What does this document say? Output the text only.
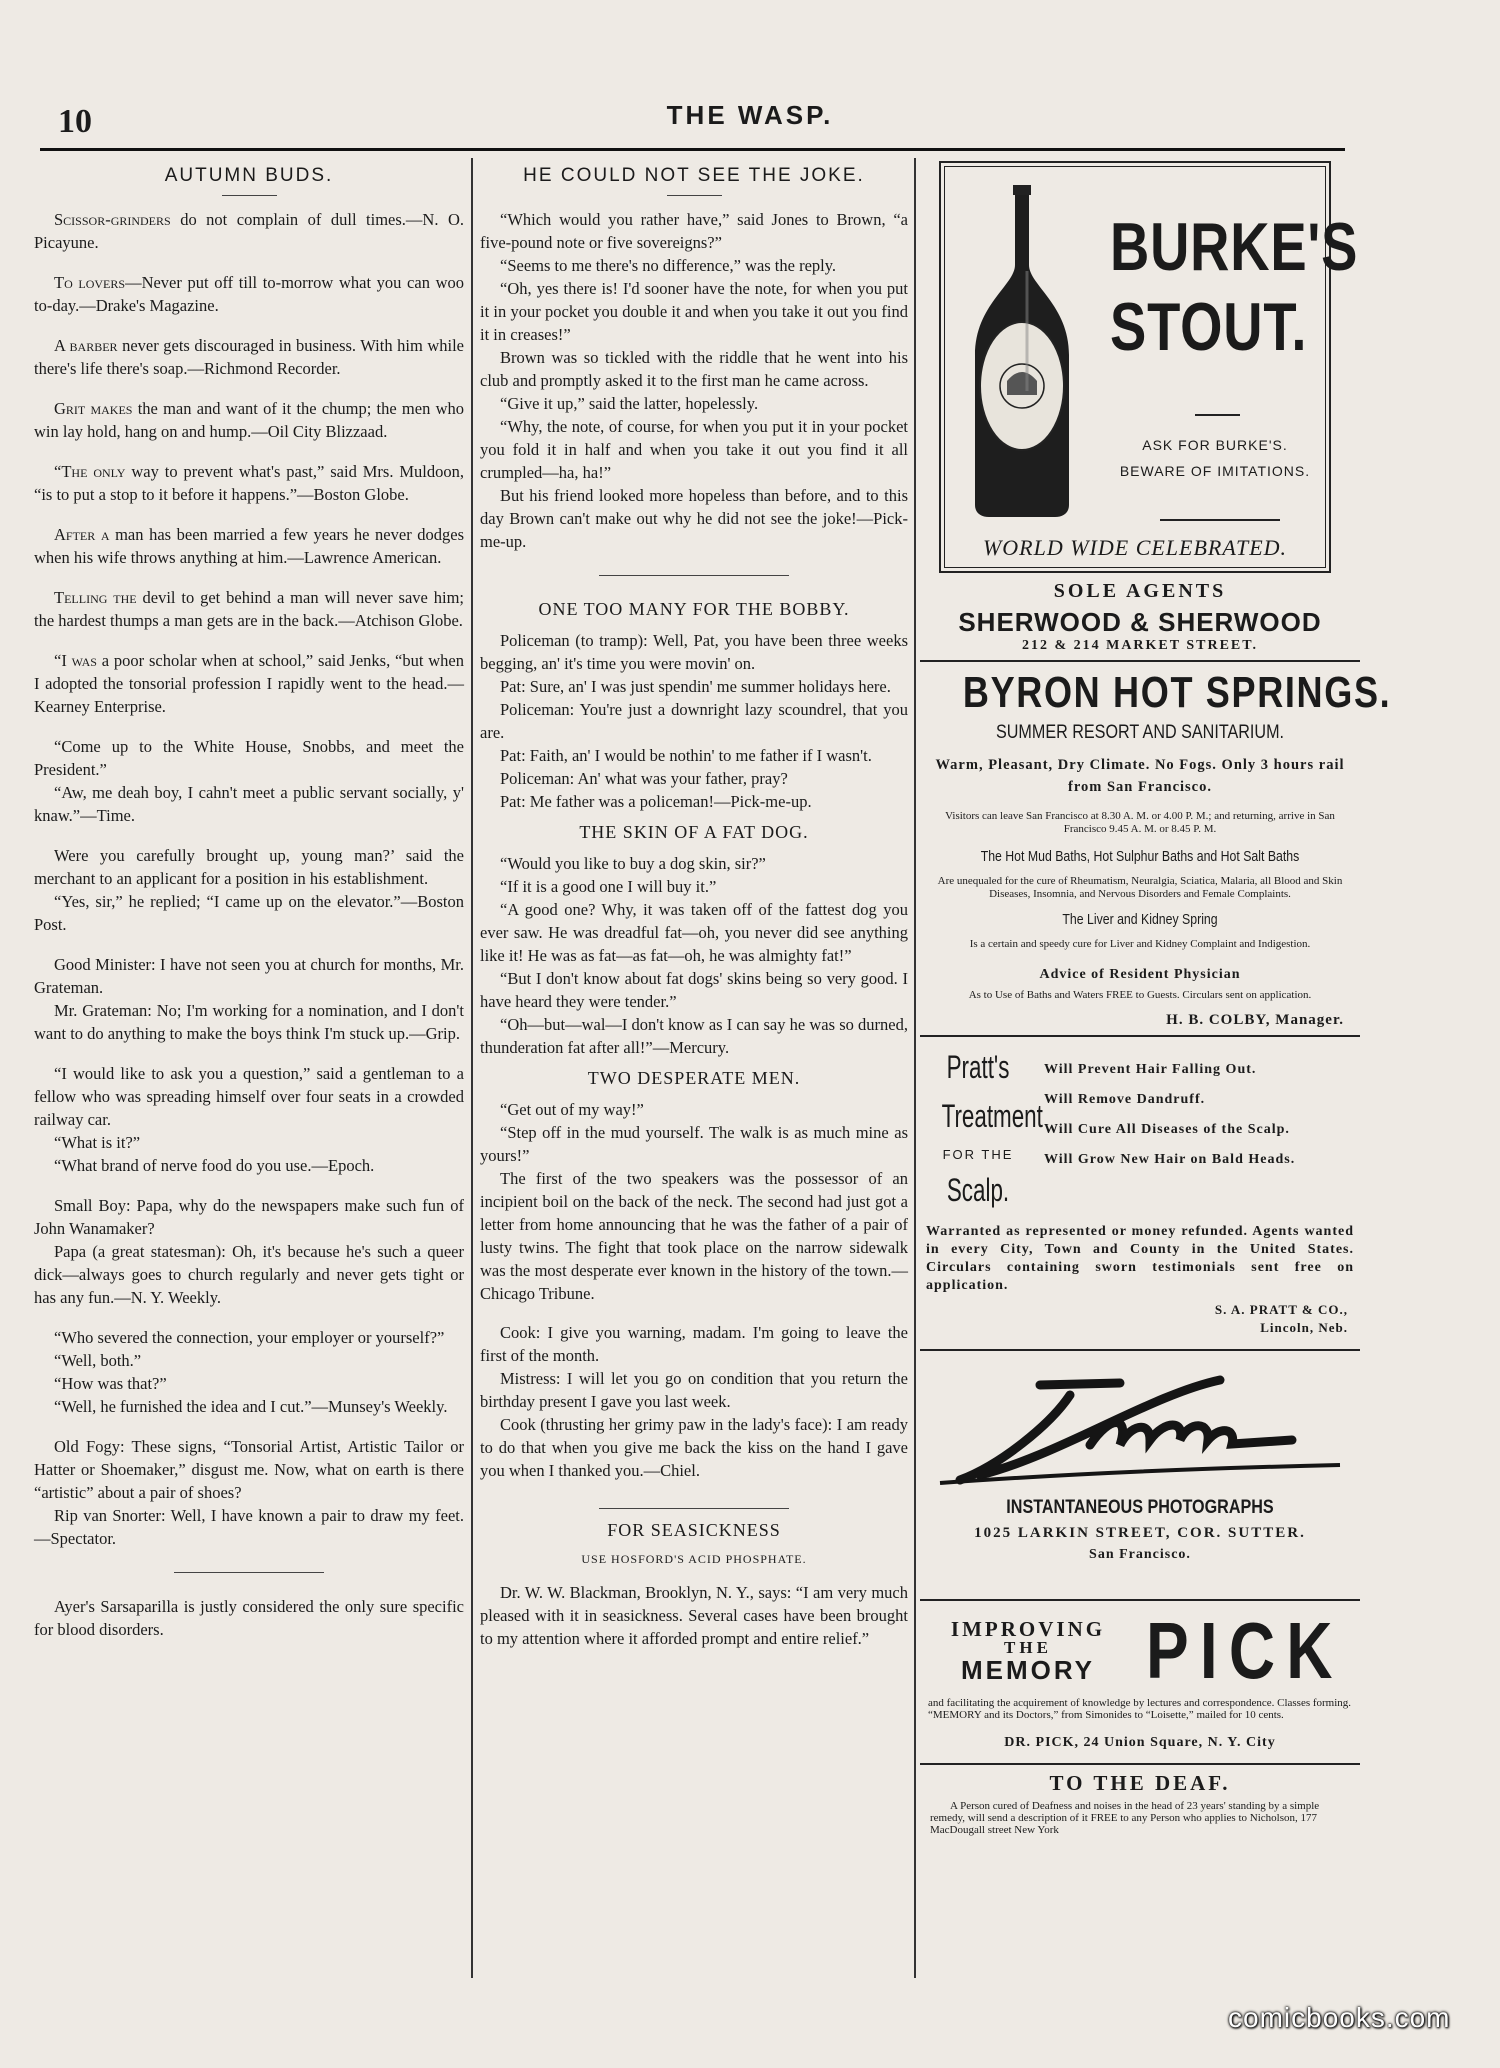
10	THE WASP.
AUTUMN BUDS.

Scissor-grinders do not complain of dull times.—N. O. Picayune.

To lovers—Never put off till to-morrow what you can woo to-day.—Drake's Magazine.

A barber never gets discouraged in business. With him while there's life there's soap.—Richmond Recorder.

Grit makes the man and want of it the chump; the men who win lay hold, hang on and hump.—Oil City Blizzaad.

“The only way to prevent what's past,” said Mrs. Muldoon, “is to put a stop to it before it happens.”—Boston Globe.

After a man has been married a few years he never dodges when his wife throws anything at him.—Lawrence American.

Telling the devil to get behind a man will never save him; the hardest thumps a man gets are in the back.—Atchison Globe.

“I was a poor scholar when at school,” said Jenks, “but when I adopted the tonsorial profession I rapidly went to the head.—Kearney Enterprise.

“Come up to the White House, Snobbs, and meet the President.”

“Aw, me deah boy, I cahn't meet a public servant socially, y' knaw.”—Time.

Were you carefully brought up, young man?’ said the merchant to an applicant for a position in his establishment.

“Yes, sir,” he replied; “I came up on the elevator.”—Boston Post.

Good Minister: I have not seen you at church for months, Mr. Grateman.

Mr. Grateman: No; I'm working for a nomination, and I don't want to do anything to make the boys think I'm stuck up.—Grip.

“I would like to ask you a question,” said a gentleman to a fellow who was spreading himself over four seats in a crowded railway car.

“What is it?”

“What brand of nerve food do you use.—Epoch.

Small Boy: Papa, why do the newspapers make such fun of John Wanamaker?

Papa (a great statesman): Oh, it's because he's such a queer dick—always goes to church regularly and never gets tight or has any fun.—N. Y. Weekly.

“Who severed the connection, your employer or yourself?”

“Well, both.”

“How was that?”

“Well, he furnished the idea and I cut.”—Munsey's Weekly.

Old Fogy: These signs, “Tonsorial Artist, Artistic Tailor or Hatter or Shoemaker,” disgust me. Now, what on earth is there “artistic” about a pair of shoes?

Rip van Snorter: Well, I have known a pair to draw my feet.—Spectator.

Ayer's Sarsaparilla is justly considered the only sure specific for blood disorders.

HE COULD NOT SEE THE JOKE.

“Which would you rather have,” said Jones to Brown, “a five-pound note or five sovereigns?”

“Seems to me there's no difference,” was the reply.

“Oh, yes there is! I'd sooner have the note, for when you put it in your pocket you double it and when you take it out you find it in creases!”

Brown was so tickled with the riddle that he went into his club and promptly asked it to the first man he came across.

“Give it up,” said the latter, hopelessly.

“Why, the note, of course, for when you put it in your pocket you fold it in half and when you take it out you find it all crumpled—ha, ha!”

But his friend looked more hopeless than before, and to this day Brown can't make out why he did not see the joke!—Pick-me-up.

ONE TOO MANY FOR THE BOBBY.

Policeman (to tramp): Well, Pat, you have been three weeks begging, an' it's time you were movin' on.

Pat: Sure, an' I was just spendin' me summer holidays here.

Policeman: You're just a downright lazy scoundrel, that you are.

Pat: Faith, an' I would be nothin' to me father if I wasn't.

Policeman: An' what was your father, pray?

Pat: Me father was a policeman!—Pick-me-up.

THE SKIN OF A FAT DOG.

“Would you like to buy a dog skin, sir?”

“If it is a good one I will buy it.”

“A good one? Why, it was taken off of the fattest dog you ever saw. He was dreadful fat—oh, you never did see anything like it! He was as fat—as fat—oh, he was almighty fat!”

“But I don't know about fat dogs' skins being so very good. I have heard they were tender.”

“Oh—but—wal—I don't know as I can say he was so durned, thunderation fat after all!”—Mercury.

TWO DESPERATE MEN.

“Get out of my way!”

“Step off in the mud yourself. The walk is as much mine as yours!”

The first of the two speakers was the possessor of an incipient boil on the back of the neck. The second had just got a letter from home announcing that he was the father of a pair of lusty twins. The fight that took place on the narrow sidewalk was the most desperate ever known in the history of the town.—Chicago Tribune.

Cook: I give you warning, madam. I'm going to leave the first of the month.

Mistress: I will let you go on condition that you return the birthday present I gave you last week.

Cook (thrusting her grimy paw in the lady's face): I am ready to do that when you give me back the kiss on the hand I gave you when I thanked you.—Chiel.

FOR SEASICKNESS
USE HOSFORD'S ACID PHOSPHATE.

Dr. W. W. Blackman, Brooklyn, N. Y., says: “I am very much pleased with it in seasickness. Several cases have been brought to my attention where it afforded prompt and entire relief.”

BURKE'S
STOUT.
ASK FOR BURKE'S.
BEWARE OF IMITATIONS.
WORLD WIDE CELEBRATED.
SOLE AGENTS
SHERWOOD & SHERWOOD
212 & 214 MARKET STREET.
BYRON HOT SPRINGS.
SUMMER RESORT AND SANITARIUM.
Warm, Pleasant, Dry Climate. No Fogs. Only 3 hours rail from San Francisco.
Visitors can leave San Francisco at 8.30 A. M. or 4.00 P. M.; and returning, arrive in San Francisco 9.45 A. M. or 8.45 P. M.
The Hot Mud Baths, Hot Sulphur Baths and Hot Salt Baths
Are unequaled for the cure of Rheumatism, Neuralgia, Sciatica, Malaria, all Blood and Skin Diseases, Insomnia, and Nervous Disorders and Female Complaints.
The Liver and Kidney Spring
Is a certain and speedy cure for Liver and Kidney Complaint and Indigestion.
Advice of Resident Physician
As to Use of Baths and Waters FREE to Guests. Circulars sent on application.
H. B. COLBY, Manager.
Pratt's
Treatment
FOR THE
Scalp.
Will Prevent Hair Falling Out.
Will Remove Dandruff.
Will Cure All Diseases of the Scalp.
Will Grow New Hair on Bald Heads.
Warranted as represented or money refunded. Agents wanted in every City, Town and County in the United States. Circulars containing sworn testimonials sent free on application.
S. A. PRATT & CO.,
Lincoln, Neb.
INSTANTANEOUS PHOTOGRAPHS
1025 LARKIN STREET, COR. SUTTER.
San Francisco.
IMPROVING
THE
MEMORY PICK
and facilitating the acquirement of knowledge by lectures and correspondence. Classes forming. “MEMORY and its Doctors,” from Simonides to “Loisette,” mailed for 10 cents.
DR. PICK, 24 Union Square, N. Y. City
TO THE DEAF.
A Person cured of Deafness and noises in the head of 23 years' standing by a simple remedy, will send a description of it FREE to any Person who applies to Nicholson, 177 MacDougall street New York
comicbooks.com
